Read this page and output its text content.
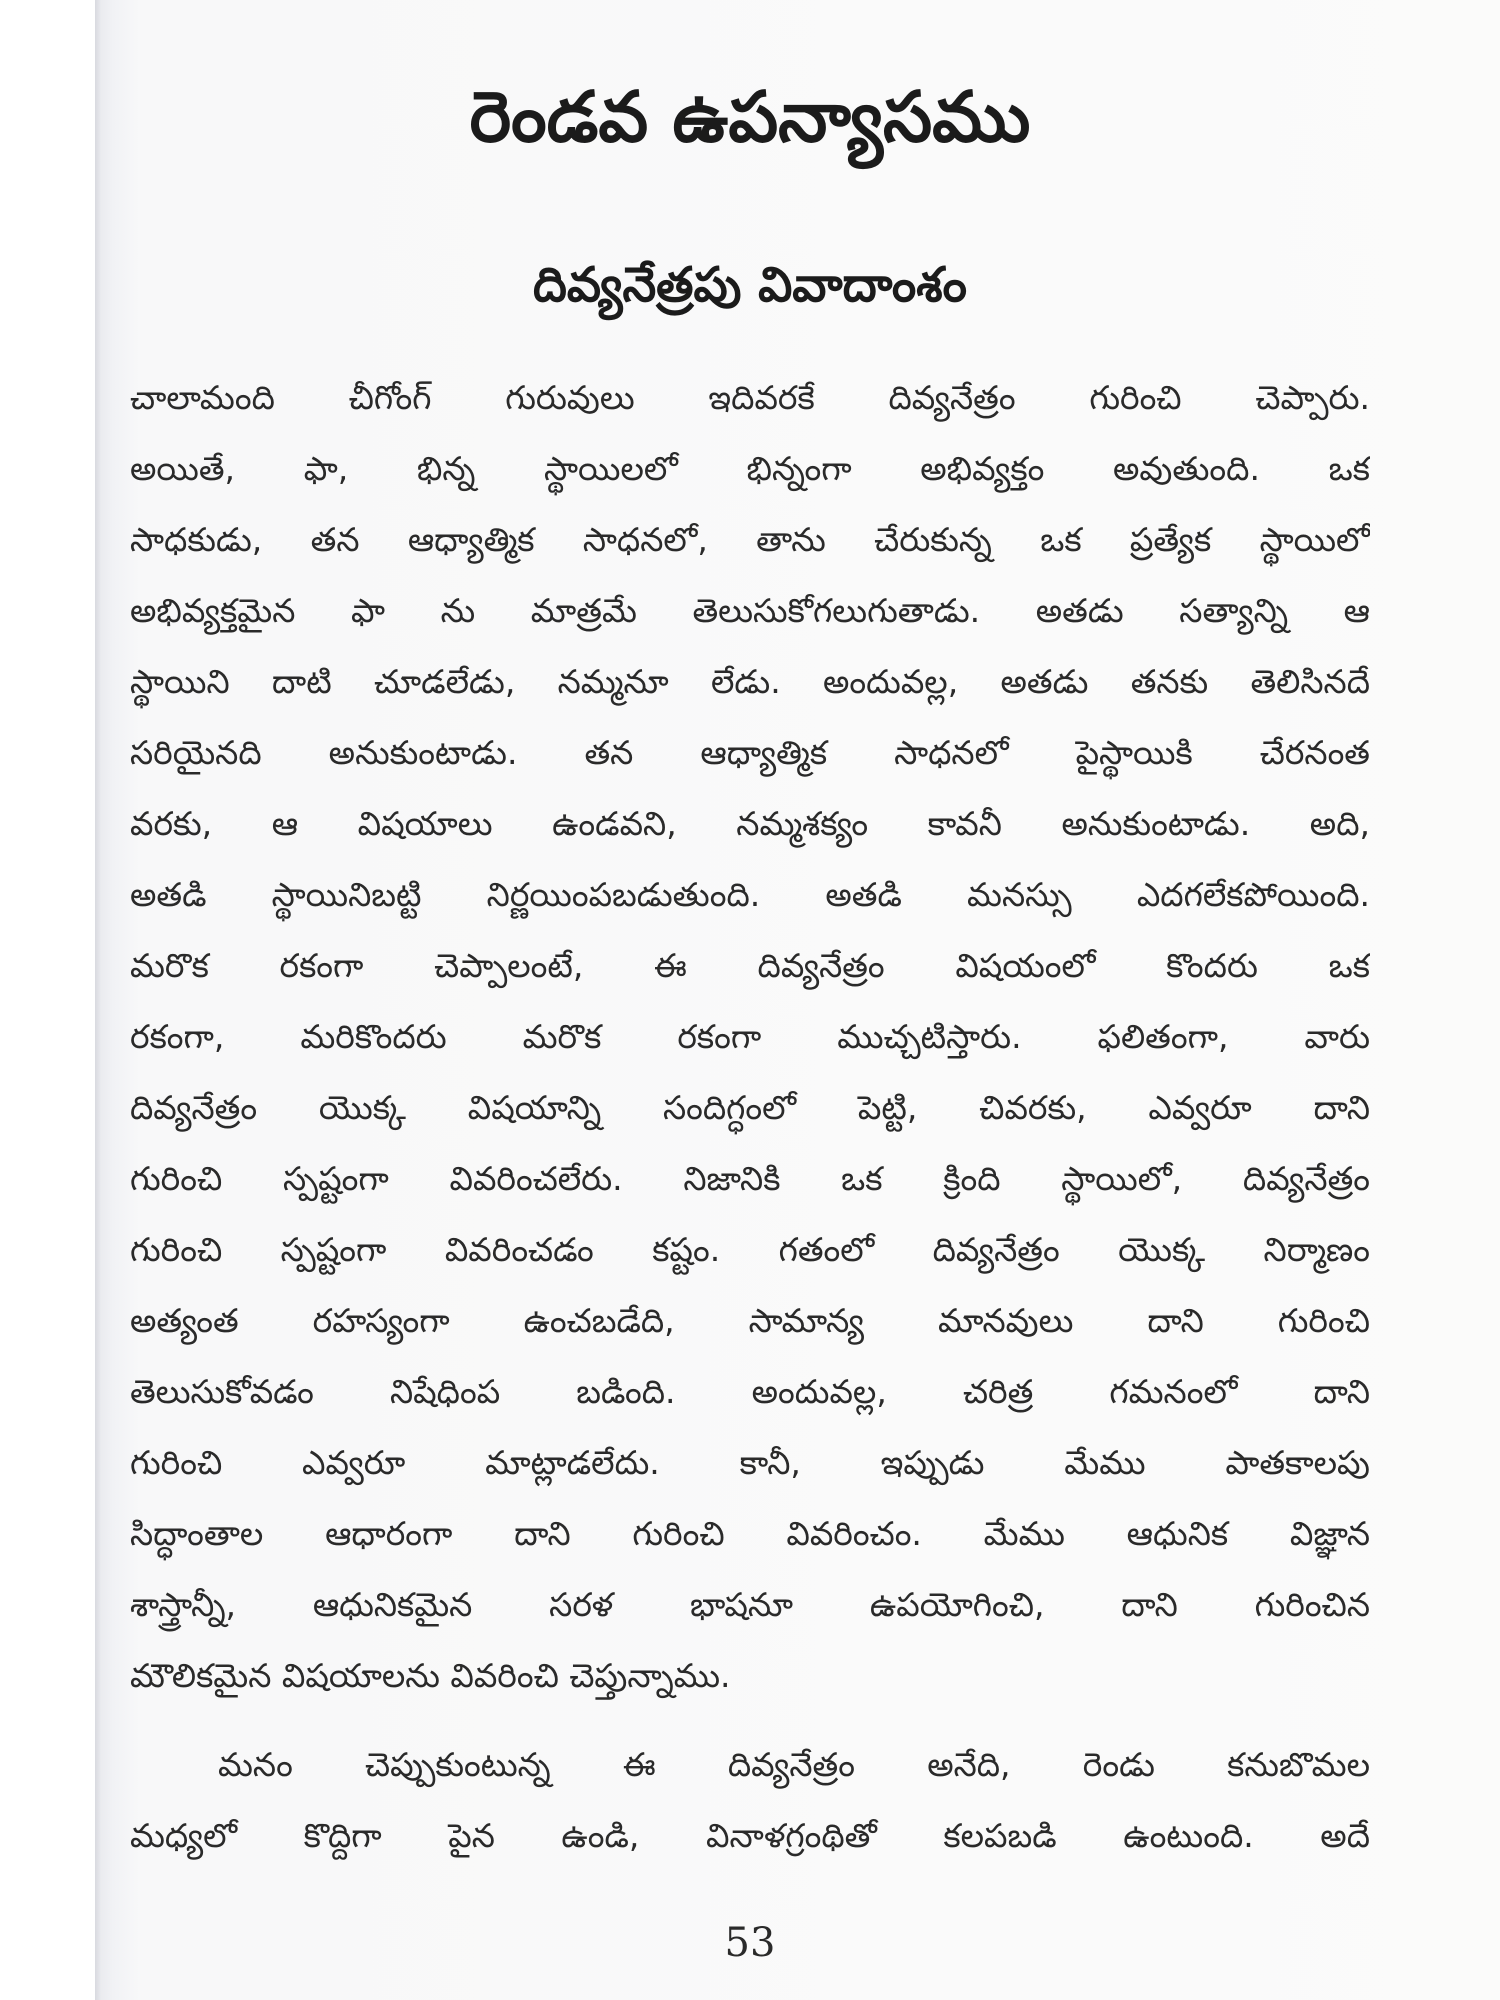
రెండవ ఉపన్యాసము
దివ్యనేత్రపు వివాదాంశం
చాలామంది చీగోంగ్ గురువులు ఇదివరకే దివ్యనేత్రం గురించి చెప్పారు.
అయితే, ఫా, భిన్న స్థాయిలలో భిన్నంగా అభివ్యక్తం అవుతుంది. ఒక
సాధకుడు, తన ఆధ్యాత్మిక సాధనలో, తాను చేరుకున్న ఒక ప్రత్యేక స్థాయిలో
అభివ్యక్తమైన ఫా ను మాత్రమే తెలుసుకోగలుగుతాడు. అతడు సత్యాన్ని ఆ
స్థాయిని దాటి చూడలేడు, నమ్మనూ లేడు. అందువల్ల, అతడు తనకు తెలిసినదే
సరియైనది అనుకుంటాడు. తన ఆధ్యాత్మిక సాధనలో పైస్థాయికి చేరనంత
వరకు, ఆ విషయాలు ఉండవని, నమ్మశక్యం కావనీ అనుకుంటాడు. అది,
అతడి స్థాయినిబట్టి నిర్ణయింపబడుతుంది. అతడి మనస్సు ఎదగలేకపోయింది.
మరొక రకంగా చెప్పాలంటే, ఈ దివ్యనేత్రం విషయంలో కొందరు ఒక
రకంగా, మరికొందరు మరొక రకంగా ముచ్చటిస్తారు. ఫలితంగా, వారు
దివ్యనేత్రం యొక్క విషయాన్ని సందిగ్ధంలో పెట్టి, చివరకు, ఎవ్వరూ దాని
గురించి స్పష్టంగా వివరించలేరు. నిజానికి ఒక క్రింది స్థాయిలో, దివ్యనేత్రం
గురించి స్పష్టంగా వివరించడం కష్టం. గతంలో దివ్యనేత్రం యొక్క నిర్మాణం
అత్యంత రహస్యంగా ఉంచబడేది, సామాన్య మానవులు దాని గురించి
తెలుసుకోవడం నిషేధింప బడింది. అందువల్ల, చరిత్ర గమనంలో దాని
గురించి ఎవ్వరూ మాట్లాడలేదు. కానీ, ఇప్పుడు మేము పాతకాలపు
సిద్ధాంతాల ఆధారంగా దాని గురించి వివరించం. మేము ఆధునిక విజ్ఞాన
శాస్త్రాన్నీ, ఆధునికమైన సరళ భాషనూ ఉపయోగించి, దాని గురించిన
మౌలికమైన విషయాలను వివరించి చెప్తున్నాము.
మనం చెప్పుకుంటున్న ఈ దివ్యనేత్రం అనేది, రెండు కనుబొమల
మధ్యలో కొద్దిగా పైన ఉండి, వినాళగ్రంథితో కలపబడి ఉంటుంది. అదే
53
